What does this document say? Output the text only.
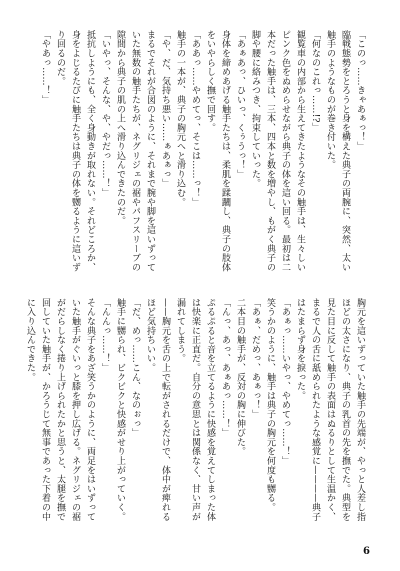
「このっ……きゃあぁっ！」

臨戦態勢をとろうと身を構えた典子の両腕に、突然、太い触手のようなものが巻き付いた。

「何なのこれっ……!?」

観覧車の内部から生えてきたようなその触手は、生々しいピンク色をぬめらせながら典子の体を這い回る。最初は二本だった触手は、三本、四本と数を増やし、もがく典子の脚や腰に絡みつき、拘束していった。

「あぁあっ、ひいっ、くぅうっ！」

身体を締めあげる触手たちは、柔肌を蹂躙し、典子の肢体をいやらしく撫で回す。

「ああっ……やめてっ、そこは……っ！」

触手の一本が、典子の胸元へと滑り込む。

「や、だ、気持ち悪い……ぁあぁっ」

まるでそれが合図のように、それまで腕や脚を這いずっていた無数の触手たちが、ネグリジェの裾やパフスリーブの隙間から典子の肌の上へ滑り込んできたのだ。

「いやっ、そんな、や、やだっ……！」

抵抗しようにも、全く身動きが取れない。それどころか、身をよじるたびに触手たちは典子の体を嬲るように這いずり回るのだ。

「やあっ……！」

胸元を這いずっていた触手の先端が、やっと人差し指ほどの太さになり、典子の乳首の先を撫でた。典型を見た目に反して触手の表面はぬるりとして生温かく、まるで人の舌に舐められたような感覚に————典子はたまらず身を捩った。

「あぁっ……いやっ、やめてっ……！」

笑うかのように、触手は典子の胸元を何度も嬲る。

「あぁ、だめっ、あぁっ！」

二本目の触手が、反対の胸に伸びた。

「んっ、あっ、あぁあっ……！」

ぷるぷると音を立てるように快感を覚えてしまった体は快楽に正直だ。自分の意思とは関係なく、甘い声が漏れてしまう。

——胸元を舌の上で転がされるだけで、体中が痺れるほど気持ちいい。

「だ、めっ……こん、なのぉっ」

触手に嬲られ、ビクビクと快感がせり上がっていく。

「んんっ……！」

そんな典子をあざ笑うかのように、両足をはいずっていた触手がぐいっと膝を押し広げる。ネグリジェの裾がだらしなく捲り上げられたかと思うと、太腿を撫で回していた触手が、かろうじて無事であった下着の中に入り込んできた。

6
